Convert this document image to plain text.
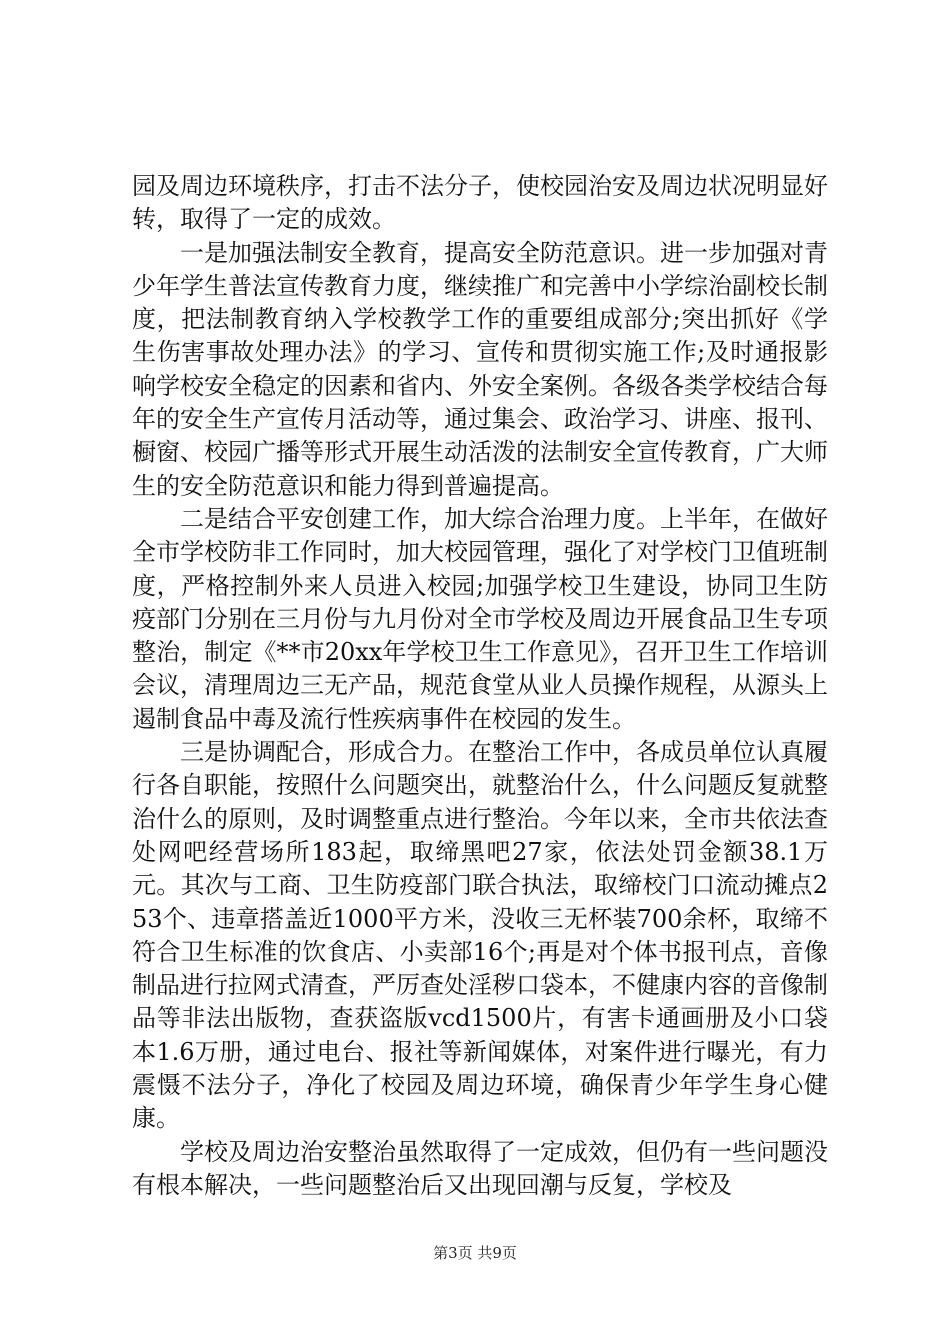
园及周边环境秩序，打击不法分子，使校园治安及周边状况明显好转，取得了一定的成效。

一是加强法制安全教育，提高安全防范意识。进一步加强对青少年学生普法宣传教育力度，继续推广和完善中小学综治副校长制度，把法制教育纳入学校教学工作的重要组成部分;突出抓好《学生伤害事故处理办法》的学习、宣传和贯彻实施工作;及时通报影响学校安全稳定的因素和省内、外安全案例。各级各类学校结合每年的安全生产宣传月活动等，通过集会、政治学习、讲座、报刊、橱窗、校园广播等形式开展生动活泼的法制安全宣传教育，广大师生的安全防范意识和能力得到普遍提高。

二是结合平安创建工作，加大综合治理力度。上半年，在做好全市学校防非工作同时，加大校园管理，强化了对学校门卫值班制度，严格控制外来人员进入校园;加强学校卫生建设，协同卫生防疫部门分别在三月份与九月份对全市学校及周边开展食品卫生专项整治，制定《**市20xx年学校卫生工作意见》，召开卫生工作培训会议，清理周边三无产品，规范食堂从业人员操作规程，从源头上遏制食品中毒及流行性疾病事件在校园的发生。

三是协调配合，形成合力。在整治工作中，各成员单位认真履行各自职能，按照什么问题突出，就整治什么，什么问题反复就整治什么的原则，及时调整重点进行整治。今年以来，全市共依法查处网吧经营场所183起，取缔黑吧27家，依法处罚金额38.1万元。其次与工商、卫生防疫部门联合执法，取缔校门口流动摊点253个、违章搭盖近1000平方米，没收三无杯装700余杯，取缔不符合卫生标准的饮食店、小卖部16个;再是对个体书报刊点，音像制品进行拉网式清查，严厉查处淫秽口袋本，不健康内容的音像制品等非法出版物，查获盗版vcd1500片，有害卡通画册及小口袋本1.6万册，通过电台、报社等新闻媒体，对案件进行曝光，有力震慑不法分子，净化了校园及周边环境，确保青少年学生身心健康。

学校及周边治安整治虽然取得了一定成效，但仍有一些问题没有根本解决，一些问题整治后又出现回潮与反复，学校及

第3页 共9页
